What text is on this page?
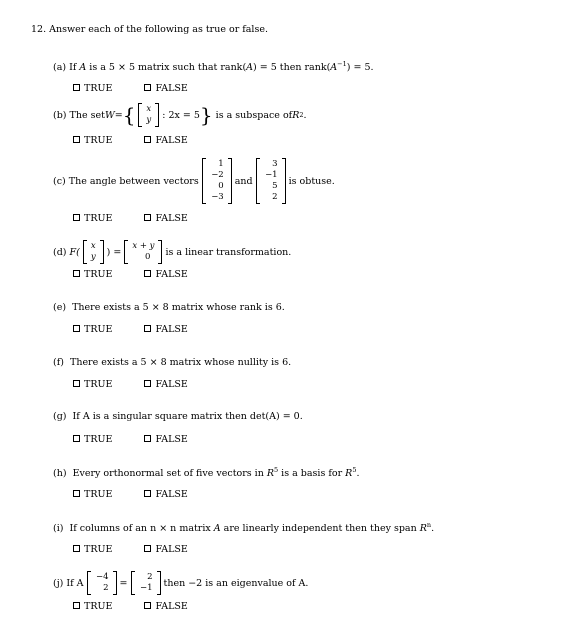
12. Answer each of the following as true or false.
(a) If A is a 5 × 5 matrix such that rank(A) = 5 then $rank(A^{-1}) = 5$.
TRUE	FALSE
(b)
The set W = { x
y : 2x = 5 }
is a subspace of R 2 .
TRUE	FALSE
(c)
The angle between vectors
1
−2
0
−3
and
3
−1
5
2
is obtuse.
TRUE	FALSE
(d)
F(
x
y ) =
x + y
0 is a linear transformation.
TRUE	FALSE
(e) There exists a 5 × 8 matrix whose rank is 6.
TRUE	FALSE
(f) There exists a 5 × 8 matrix whose nullity is 6.
TRUE	FALSE
(g) If A is a singular square matrix then det(A) = 0.
TRUE	FALSE
(h) Every orthonormal set of five vectors in $R^5$ is a basis for $R^5$.
TRUE	FALSE
(i) If columns of an n × n matrix A are linearly independent then they span $R^n$.
TRUE	FALSE
(j)
If A
−4
2 =
2
−1 then −2 is an eigenvalue of A.
TRUE	FALSE
